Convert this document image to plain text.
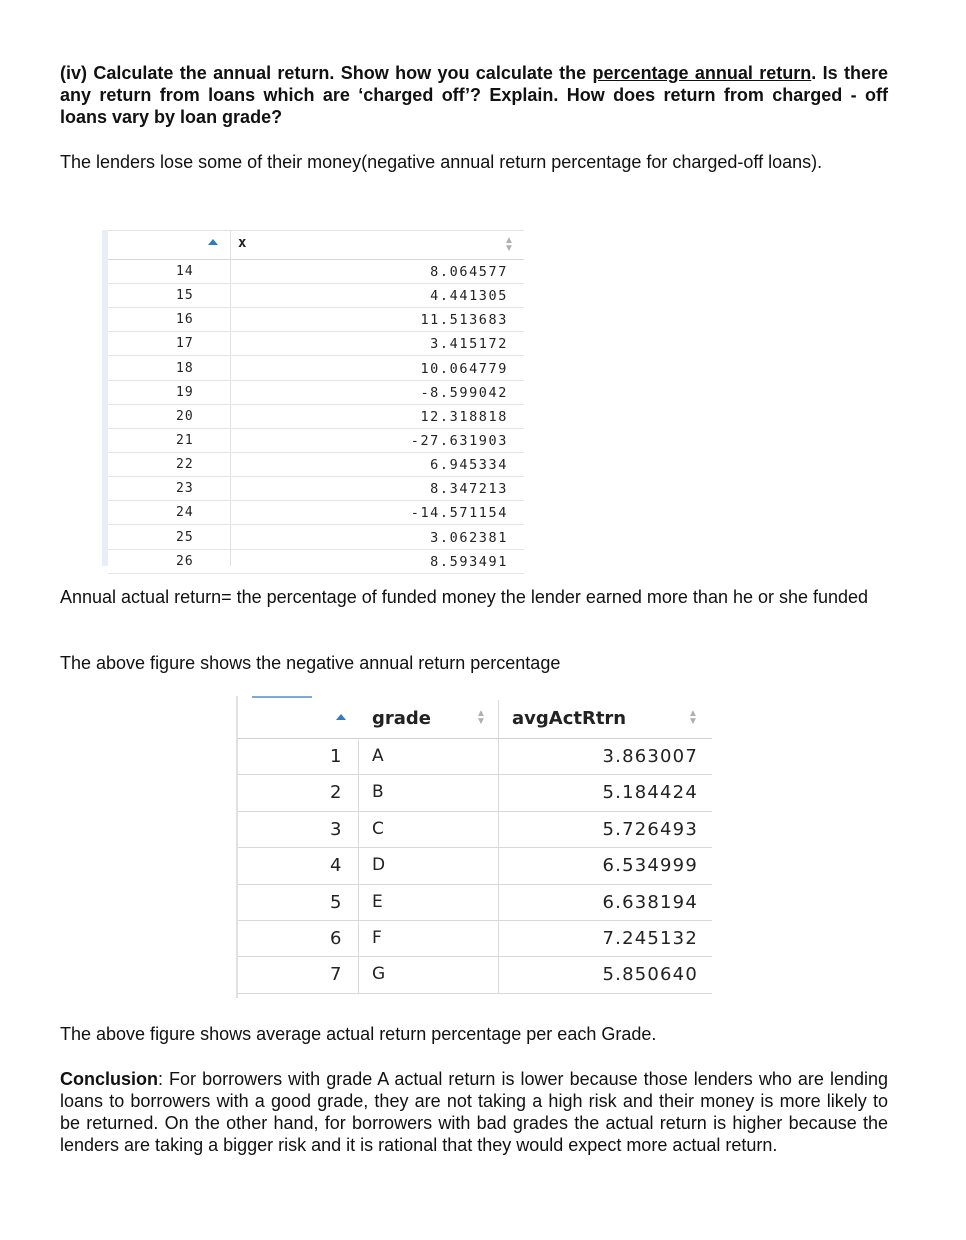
(iv) Calculate the annual return. Show how you calculate the percentage annual return. Is there any return from loans which are ‘charged off’? Explain. How does return from charged - off loans vary by loan grade?

The lenders lose some of their money(negative annual return percentage for charged-off loans).

x	▲
▼
14	8.064577
15	4.441305
16	11.513683
17	3.415172
18	10.064779
19	-8.599042
20	12.318818
21	-27.631903
22	6.945334
23	8.347213
24	-14.571154
25	3.062381
26	8.593491

Annual actual return= the percentage of funded money the lender earned more than he or she funded

The above figure shows the negative annual return percentage

grade	▲
▼ avgActRtrn	▲
▼
1 A	3.863007
2 B	5.184424
3 C	5.726493
4 D	6.534999
5 E	6.638194
6 F	7.245132
7 G	5.850640

The above figure shows average actual return percentage per each Grade.

Conclusion: For borrowers with grade A actual return is lower because those lenders who are lending loans to borrowers with a good grade, they are not taking a high risk and their money is more likely to be returned. On the other hand, for borrowers with bad grades the actual return is higher because the lenders are taking a bigger risk and it is rational that they would expect more actual return.
